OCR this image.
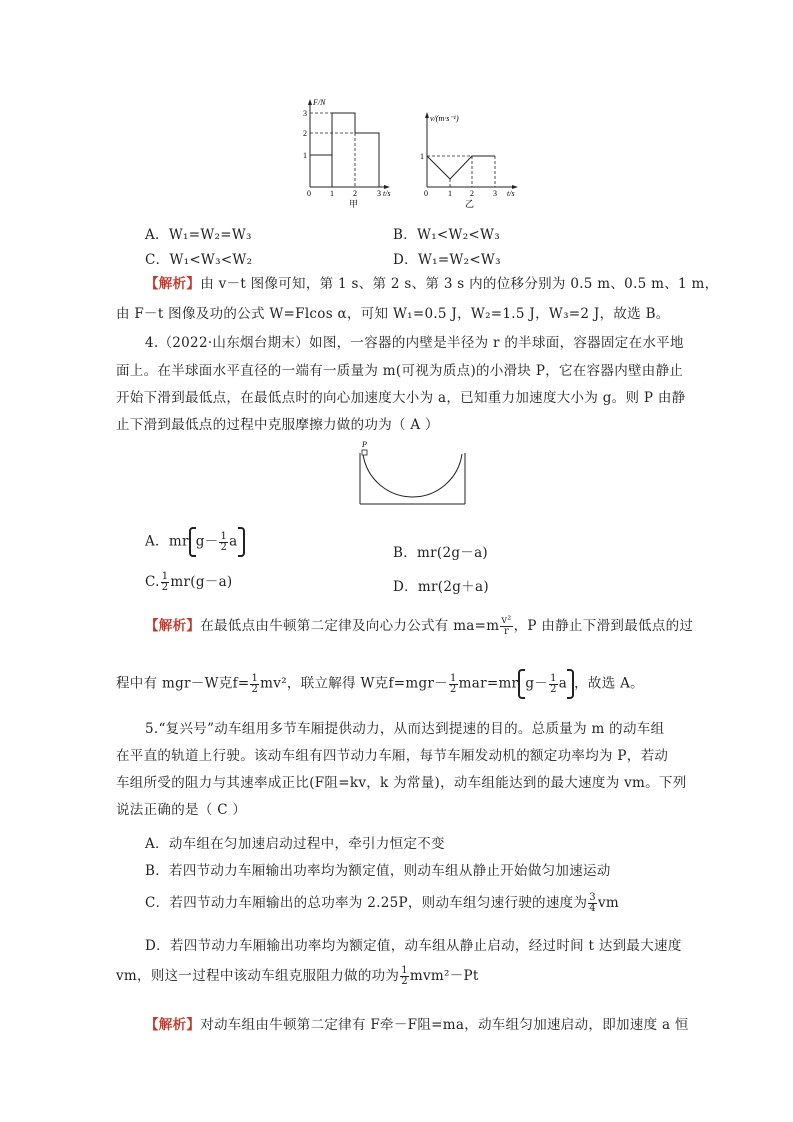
F/N
1
2
3
0 1 2	3 t/s
甲
v/(m·s⁻¹)
1
0	1 2 3 t/s
乙
A．W₁=W₂=W₃	B．W₁<W₂<W₃
C．W₁<W₃<W₂	D．W₁=W₂<W₃
【解析】由 v－t 图像可知，第 1 s、第 2 s、第 3 s 内的位移分别为 0.5 m、0.5 m、1 m，
由 F－t 图像及功的公式 W=Flcos α，可知 W₁=0.5 J，W₂=1.5 J，W₃=2 J，故选 B。
4.（2022·山东烟台期末）如图，一容器的内壁是半径为 r 的半球面，容器固定在水平地
面上。在半球面水平直径的一端有一质量为 m(可视为质点)的小滑块 P，它在容器内壁由静止
开始下滑到最低点，在最低点时的向心加速度大小为 a，已知重力加速度大小为 g。则 P 由静
止下滑到最低点的过程中克服摩擦力做的功为（ A ）
P
A．mr $g- \frac{1}{2}$ a
B．mr(2g－a)
C. $\frac{1}{2} mr(g-a)$	D．mr(2g＋a)
【解析】在最低点由牛顿第二定律及向心力公式有 $ma=m \frac{\text{v²}}{r}$ ，P 由静止下滑到最低点的过
程中有 mgr－W克$f= \frac{1}{2} mv^2$，联立解得 W克$f=mgr- \frac{1}{2} mar=mr$ $g- \frac{1}{2}$ a ，故选 A。
5.“复兴号”动车组用多节车厢提供动力，从而达到提速的目的。总质量为 m 的动车组
在平直的轨道上行驶。该动车组有四节动力车厢，每节车厢发动机的额定功率均为 P，若动
车组所受的阻力与其速率成正比(F阻=kv，k 为常量)，动车组能达到的最大速度为 vm。下列
说法正确的是（ C ）
A．动车组在匀加速启动过程中，牵引力恒定不变
B．若四节动力车厢输出功率均为额定值，则动车组从静止开始做匀加速运动
C．若四节动力车厢输出的总功率为 2.25P，则动车组匀速行驶的速度为 $\frac{3}{4}$ vm
D．若四节动力车厢输出功率均为额定值，动车组从静止启动，经过时间 t 达到最大速度
vm，则这一过程中该动车组克服阻力做的功为 $\frac{1}{2} mvm^2-Pt$
【解析】对动车组由牛顿第二定律有 F牵－F阻=ma，动车组匀加速启动，即加速度 a 恒
